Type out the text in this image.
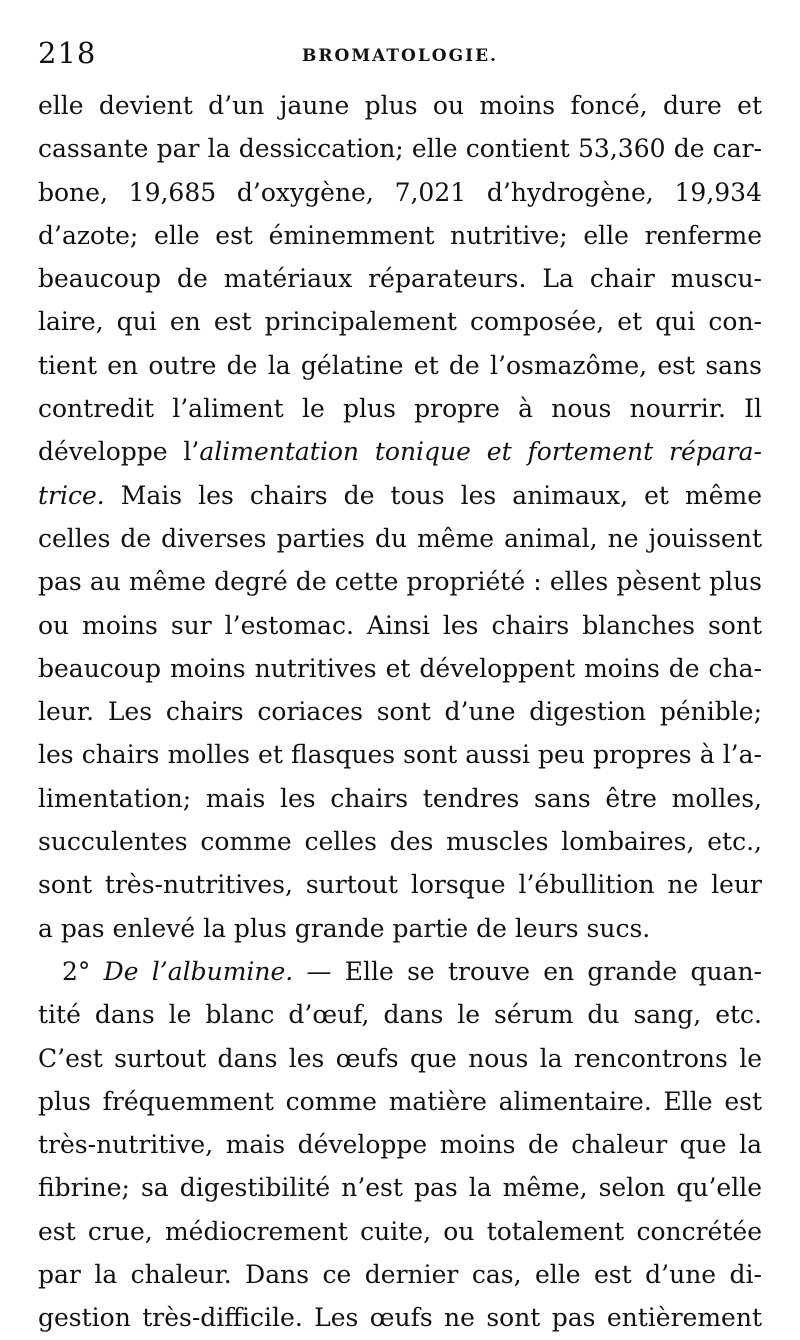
218	BROMATOLOGIE.
elle devient d’un jaune plus ou moins foncé, dure et
cassante par la dessiccation; elle contient 53,360 de car-
bone, 19,685 d’oxygène, 7,021 d’hydrogène, 19,934
d’azote; elle est éminemment nutritive; elle renferme
beaucoup de matériaux réparateurs. La chair muscu-
laire, qui en est principalement composée, et qui con-
tient en outre de la gélatine et de l’osmazôme, est sans
contredit l’aliment le plus propre à nous nourrir. Il
développe l’alimentation tonique et fortement répara-
trice. Mais les chairs de tous les animaux, et même
celles de diverses parties du même animal, ne jouissent
pas au même degré de cette propriété : elles pèsent plus
ou moins sur l’estomac. Ainsi les chairs blanches sont
beaucoup moins nutritives et développent moins de cha-
leur. Les chairs coriaces sont d’une digestion pénible;
les chairs molles et flasques sont aussi peu propres à l’a-
limentation; mais les chairs tendres sans être molles,
succulentes comme celles des muscles lombaires, etc.,
sont très-nutritives, surtout lorsque l’ébullition ne leur
a pas enlevé la plus grande partie de leurs sucs.
2° De l’albumine. — Elle se trouve en grande quan-
tité dans le blanc d’œuf, dans le sérum du sang, etc.
C’est surtout dans les œufs que nous la rencontrons le
plus fréquemment comme matière alimentaire. Elle est
très-nutritive, mais développe moins de chaleur que la
fibrine; sa digestibilité n’est pas la même, selon qu’elle
est crue, médiocrement cuite, ou totalement concrétée
par la chaleur. Dans ce dernier cas, elle est d’une di-
gestion très-difficile. Les œufs ne sont pas entièrement
